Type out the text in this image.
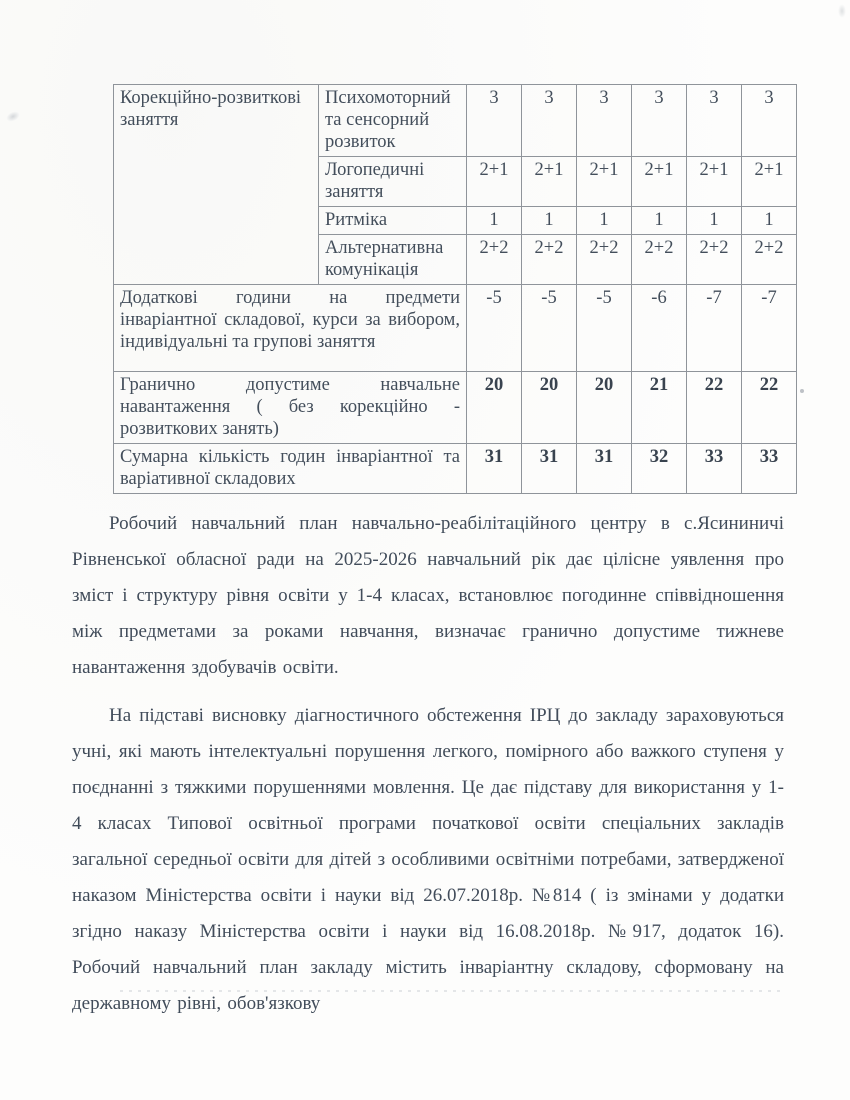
Корекційно-розвиткові заняття	Психомоторний та сенсорний розвиток	3	3	3	3	3	3
	Логопедичні заняття	2+1	2+1	2+1	2+1	2+1	2+1
	Ритміка	1	1	1	1	1	1
	Альтернативна комунікація	2+2	2+2	2+2	2+2	2+2	2+2
Додаткові години на предмети інваріантної складової, курси за вибором, індивідуальні та групові заняття		-5	-5	-5	-6	-7	-7
Гранично допустиме навчальне навантаження ( без корекційно - розвиткових занять)		20	20	20	21	22	22
Сумарна кількість годин інваріантної та варіативної складових		31	31	31	32	33	33

Робочий навчальний план навчально-реабілітаційного центру в с.Ясининичі Рівненської обласної ради на 2025-2026 навчальний рік дає цілісне уявлення про зміст і структуру рівня освіти у 1-4 класах, встановлює погодинне співвідношення між предметами за роками навчання, визначає гранично допустиме тижневе навантаження здобувачів освіти.

На підставі висновку діагностичного обстеження ІРЦ до закладу зараховуються учні, які мають інтелектуальні порушення легкого, помірного або важкого ступеня у поєднанні з тяжкими порушеннями мовлення. Це дає підставу для використання у 1-4 класах Типової освітньої програми початкової освіти спеціальних закладів загальної середньої освіти для дітей з особливими освітніми потребами, затвердженої наказом Міністерства освіти і науки від 26.07.2018р. №814 ( із змінами у додатки згідно наказу Міністерства освіти і науки від 16.08.2018р. №917, додаток 16). Робочий навчальний план закладу містить інваріантну складову, сформовану на державному рівні, обов'язкову
